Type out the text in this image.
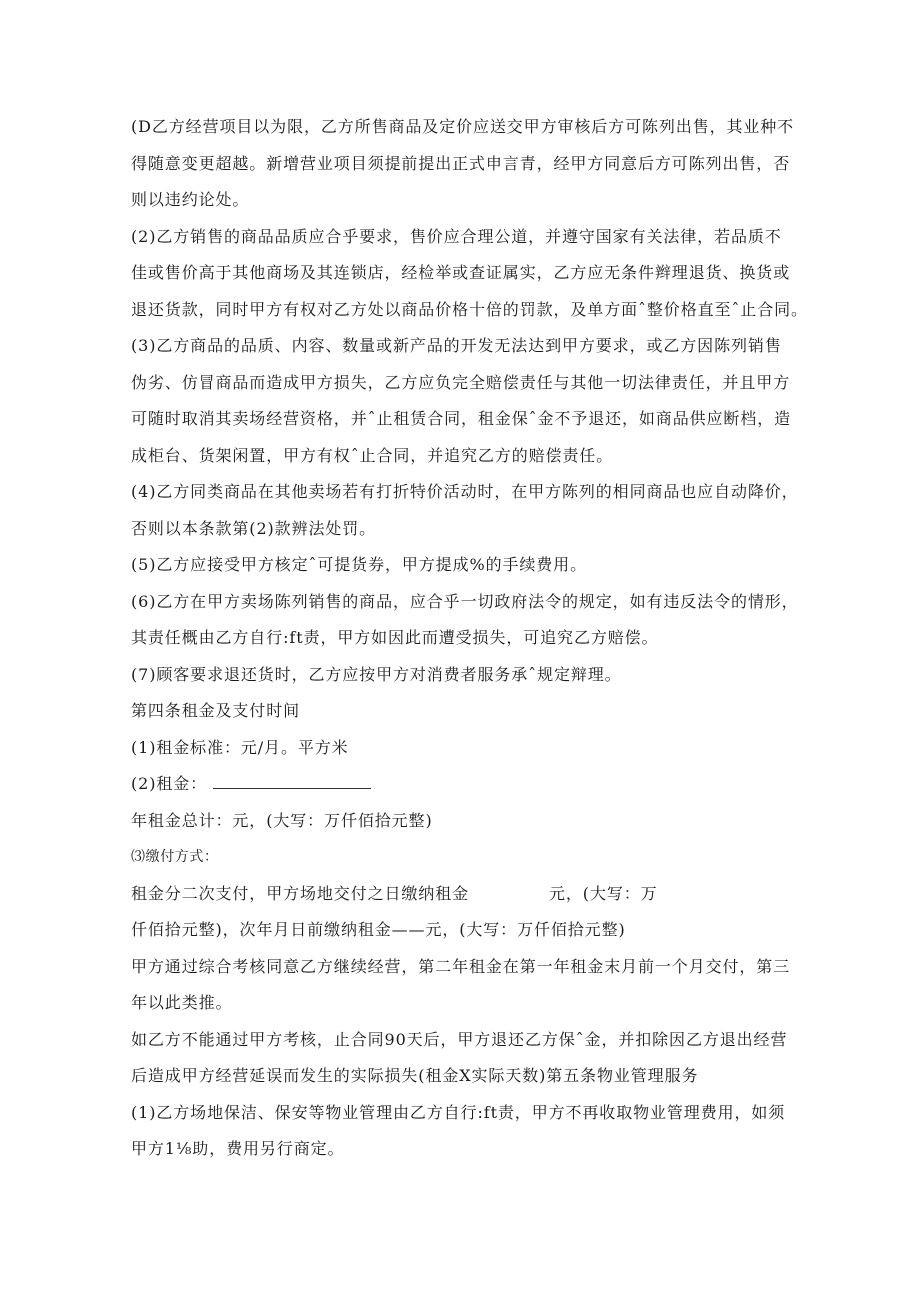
(D乙方经营项目以为限，乙方所售商品及定价应送交甲方审核后方可陈列出售，其业种不
得随意变更超越。新增营业项目须提前提出正式申言青，经甲方同意后方可陈列出售，否
则以违约论处。
(2)乙方销售的商品品质应合乎要求，售价应合理公道，并遵守国家有关法律，若品质不
佳或售价高于其他商场及其连锁店，经检举或查证属实，乙方应无条件辫理退货、换货或
退还货款，同时甲方有权对乙方处以商品价格十倍的罚款，及单方面ˆ整价格直至ˆ止合同。
(3)乙方商品的品质、内容、数量或新产品的开发无法达到甲方要求，或乙方因陈列销售
伪劣、仿冒商品而造成甲方损失，乙方应负完全赔偿责任与其他一切法律责任，并且甲方
可随时取消其卖场经营资格，并ˆ止租赁合同，租金保ˆ金不予退还，如商品供应断档，造
成柜台、货架闲置，甲方有权ˆ止合同，并追究乙方的赔偿责任。
(4)乙方同类商品在其他卖场若有打折特价活动时，在甲方陈列的相同商品也应自动降价，
否则以本条款第(2)款辨法处罚。
(5)乙方应接受甲方核定ˆ可提货券，甲方提成%的手续费用。
(6)乙方在甲方卖场陈列销售的商品，应合乎一切政府法令的规定，如有违反法令的情形，
其责任概由乙方自行:ft责，甲方如因此而遭受损失，可追究乙方赔偿。
(7)顾客要求退还货时，乙方应按甲方对消费者服务承ˆ规定辩理。
第四条租金及支付时间
(1)租金标准：元/月。平方米
(2)租金：
年租金总计：元，(大写：万仟佰拾元整)
⑶缴付方式：
租金分二次支付，甲方场地交付之日缴纳租金	元，(大写：万
仟佰拾元整)，次年月日前缴纳租金——元，(大写：万仟佰拾元整)
甲方通过综合考核同意乙方继续经营，第二年租金在第一年租金末月前一个月交付，第三
年以此类推。
如乙方不能通过甲方考核，止合同90天后，甲方退还乙方保ˆ金，并扣除因乙方退出经营
后造成甲方经营延误而发生的实际损失(租金X实际天数)第五条物业管理服务
(1)乙方场地保洁、保安等物业管理由乙方自行:ft责，甲方不再收取物业管理费用，如须
甲方1⅛助，费用另行商定。
